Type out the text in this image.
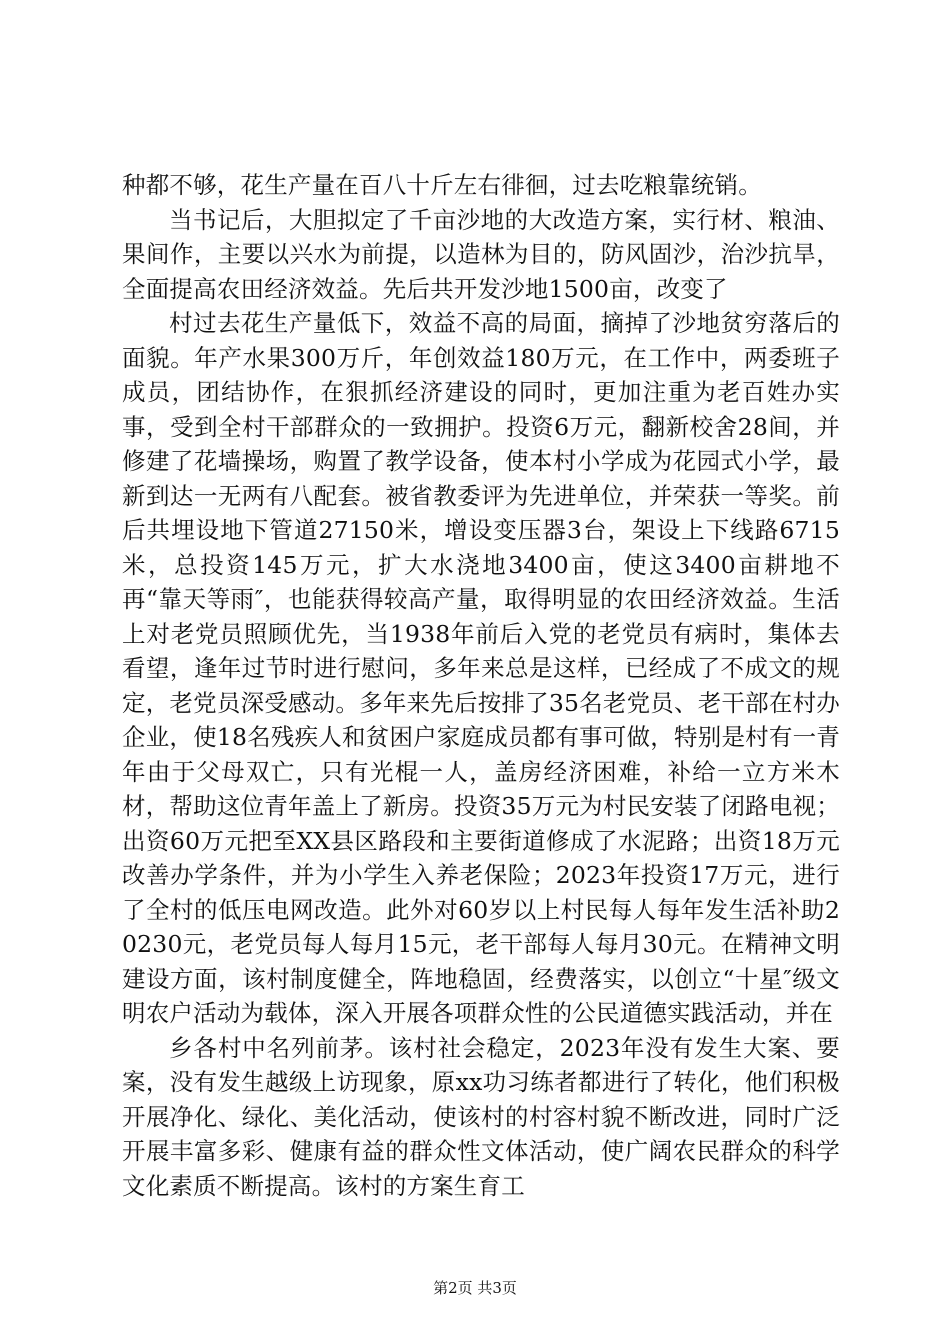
种都不够，花生产量在百八十斤左右徘徊，过去吃粮靠统销。

当书记后，大胆拟定了千亩沙地的大改造方案，实行材、粮油、果间作，主要以兴水为前提，以造林为目的，防风固沙，治沙抗旱，全面提高农田经济效益。先后共开发沙地1500亩，改变了

村过去花生产量低下，效益不高的局面，摘掉了沙地贫穷落后的面貌。年产水果300万斤，年创效益180万元，在工作中，两委班子成员，团结协作，在狠抓经济建设的同时，更加注重为老百姓办实事，受到全村干部群众的一致拥护。投资6万元，翻新校舍28间，并修建了花墙操场，购置了教学设备，使本村小学成为花园式小学，最新到达一无两有八配套。被省教委评为先进单位，并荣获一等奖。前后共埋设地下管道27150米，增设变压器3台，架设上下线路6715米，总投资145万元，扩大水浇地3400亩，使这3400亩耕地不再“靠天等雨″，也能获得较高产量，取得明显的农田经济效益。生活上对老党员照顾优先，当1938年前后入党的老党员有病时，集体去看望，逢年过节时进行慰问，多年来总是这样，已经成了不成文的规定，老党员深受感动。多年来先后按排了35名老党员、老干部在村办企业，使18名残疾人和贫困户家庭成员都有事可做，特别是村有一青年由于父母双亡，只有光棍一人，盖房经济困难，补给一立方米木材，帮助这位青年盖上了新房。投资35万元为村民安装了闭路电视；出资60万元把至XX县区路段和主要街道修成了水泥路；出资18万元改善办学条件，并为小学生入养老保险；2023年投资17万元，进行了全村的低压电网改造。此外对60岁以上村民每人每年发生活补助20230元，老党员每人每月15元，老干部每人每月30元。在精神文明建设方面，该村制度健全，阵地稳固，经费落实，以创立“十星″级文明农户活动为载体，深入开展各项群众性的公民道德实践活动，并在

乡各村中名列前茅。该村社会稳定，2023年没有发生大案、要案，没有发生越级上访现象，原xx功习练者都进行了转化，他们积极开展净化、绿化、美化活动，使该村的村容村貌不断改进，同时广泛开展丰富多彩、健康有益的群众性文体活动，使广阔农民群众的科学文化素质不断提高。该村的方案生育工

第2页 共3页
